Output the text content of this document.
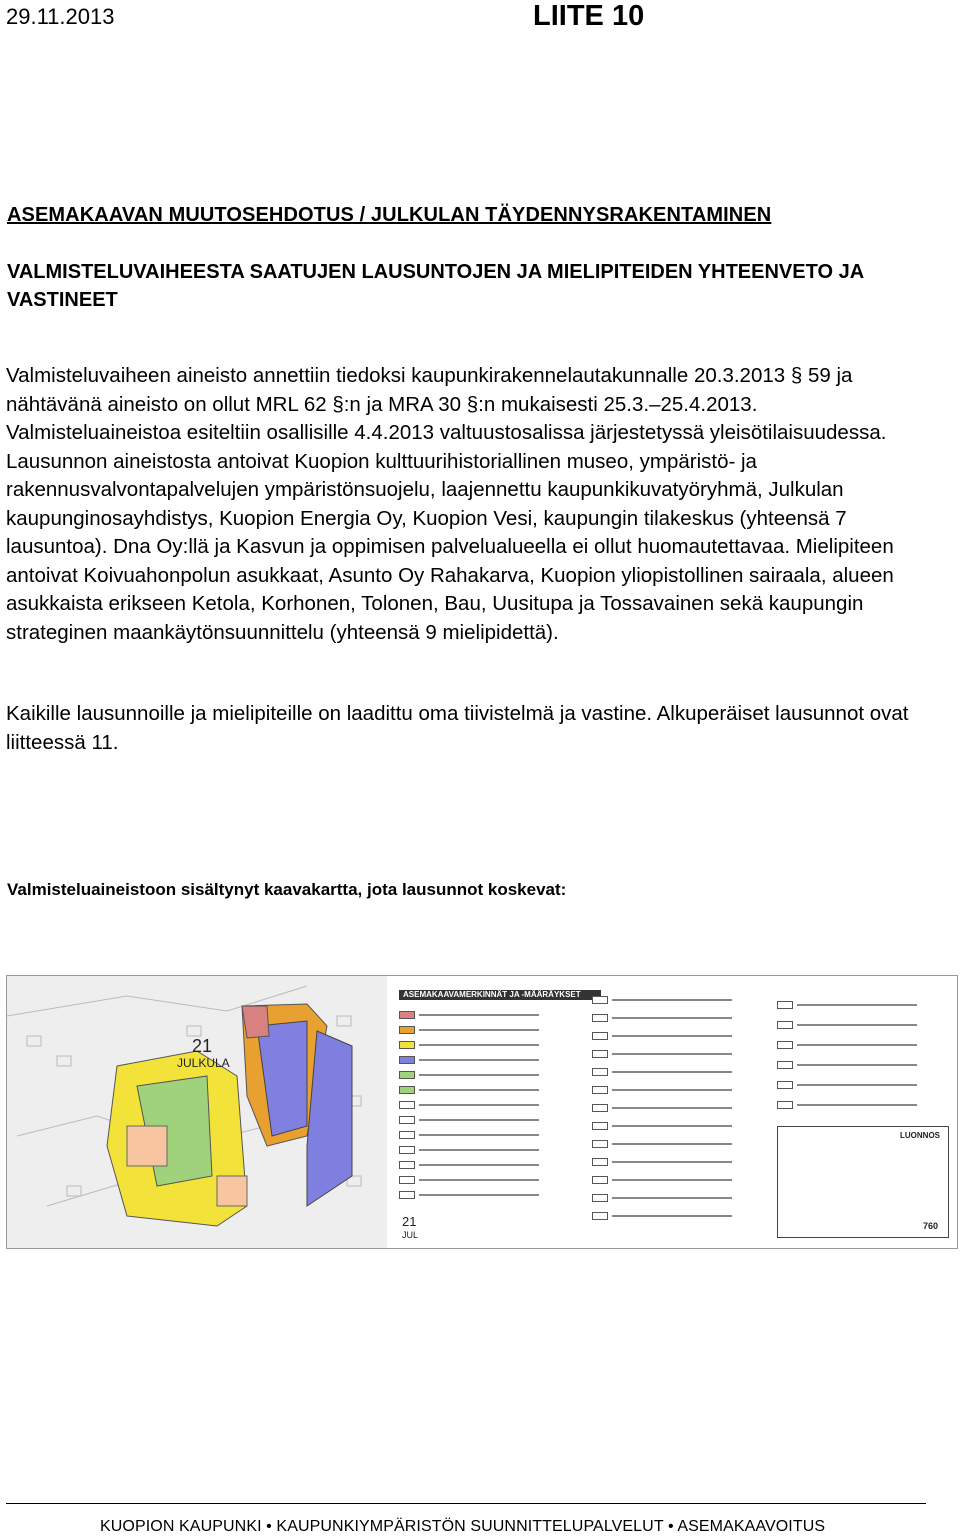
29.11.2013	LIITE 10
ASEMAKAAVAN MUUTOSEHDOTUS / JULKULAN TÄYDENNYSRAKENTAMINEN
VALMISTELUVAIHEESTA SAATUJEN LAUSUNTOJEN JA MIELIPITEIDEN YHTEENVETO JA VASTINEET

Valmisteluvaiheen aineisto annettiin tiedoksi kaupunkirakennelautakunnalle 20.3.2013 § 59 ja nähtävänä aineisto on ollut MRL 62 §:n ja MRA 30 §:n mukaisesti 25.3.–25.4.2013. Valmisteluaineistoa esiteltiin osallisille 4.4.2013 valtuustosalissa järjestetyssä yleisötilaisuudessa. Lausunnon aineistosta antoivat Kuopion kulttuurihistoriallinen museo, ympäristö- ja rakennusvalvontapalvelujen ympäristönsuojelu, laajennettu kaupunkikuvatyöryhmä, Julkulan kaupunginosayhdistys, Kuopion Energia Oy, Kuopion Vesi, kaupungin tilakeskus (yhteensä 7 lausuntoa). Dna Oy:llä ja Kasvun ja oppimisen palvelualueella ei ollut huomautettavaa. Mielipiteen antoivat Koivuahonpolun asukkaat, Asunto Oy Rahakarva, Kuopion yliopistollinen sairaala, alueen asukkaista erikseen Ketola, Korhonen, Tolonen, Bau, Uusitupa ja Tossavainen sekä kaupungin strateginen maankäytönsuunnittelu (yhteensä 9 mielipidettä).

Kaikille lausunnoille ja mielipiteille on laadittu oma tiivistelmä ja vastine. Alkuperäiset lausunnot ovat liitteessä 11.

Valmisteluaineistoon sisältynyt kaavakartta, jota lausunnot koskevat:
ASEMAKAAVAMERKINNÄT JA -MÄÄRÄYKSET
21
JULKULA
21
JUL
LUONNOS
760
KUOPION KAUPUNKI • KAUPUNKIYMPÄRISTÖN SUUNNITTELUPALVELUT • ASEMAKAAVOITUS
